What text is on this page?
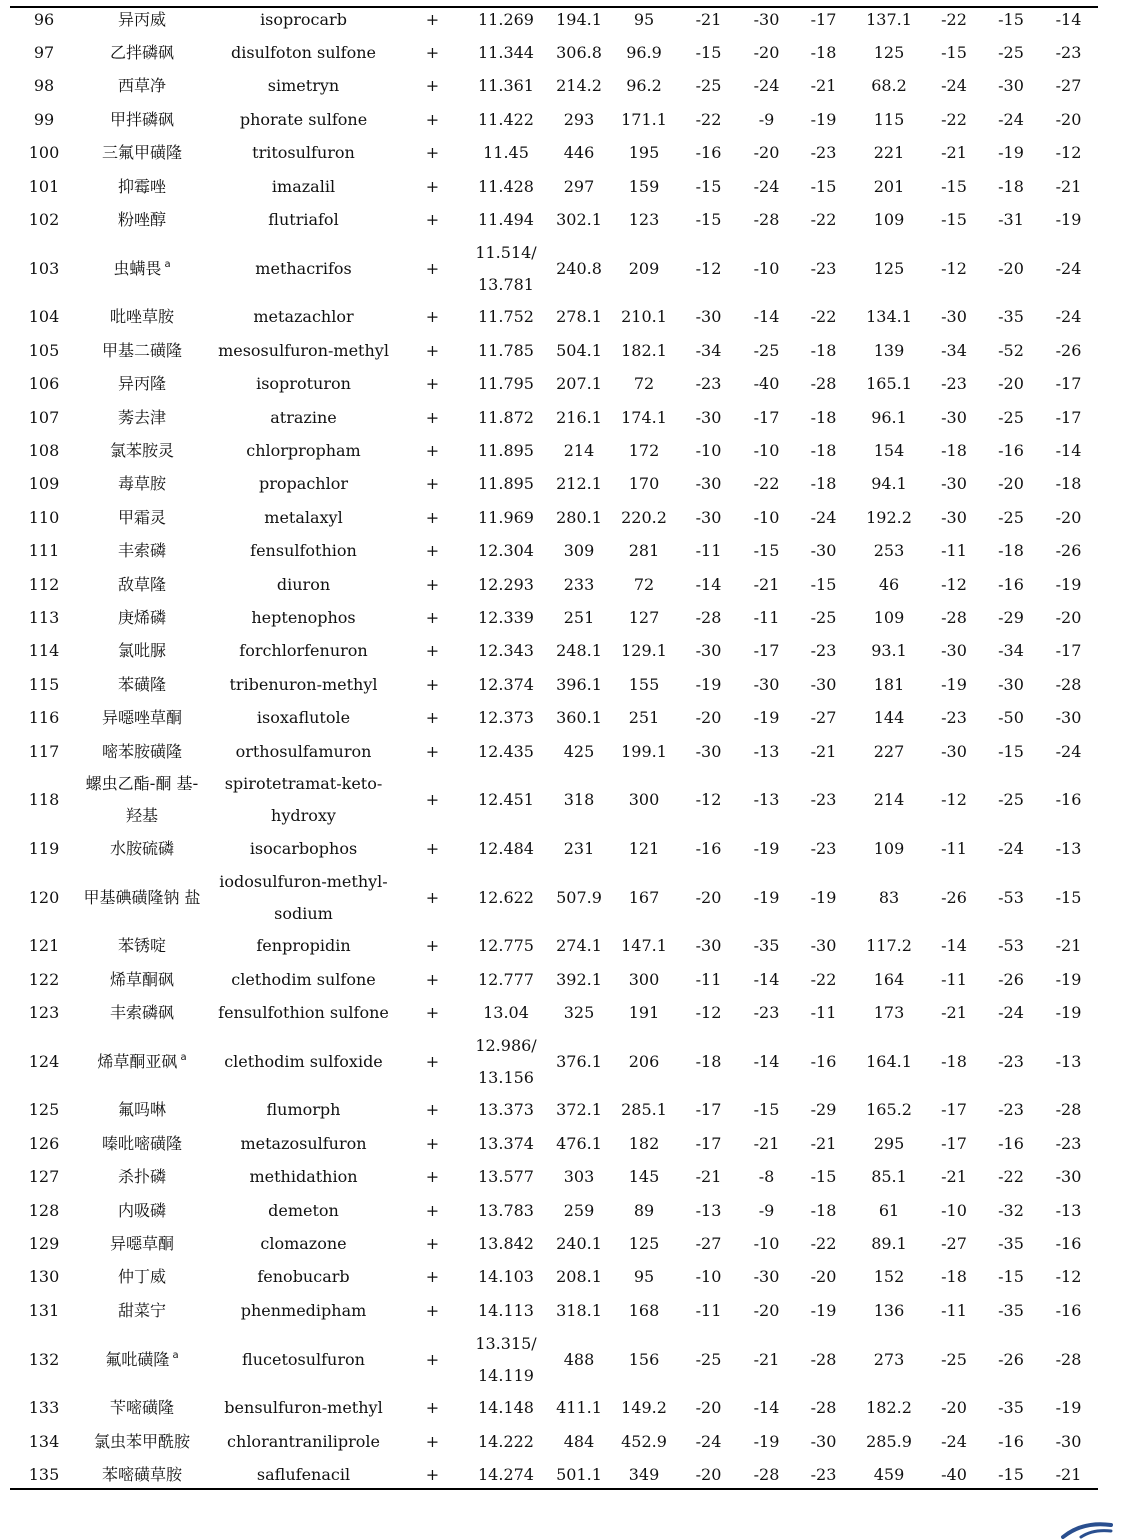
96	异丙威	isoprocarb	+	11.269	194.1	95	-21	-30	-17	137.1	-22	-15	-14
97	乙拌磷砜	disulfoton sulfone	+	11.344	306.8	96.9	-15	-20	-18	125	-15	-25	-23
98	西草净	simetryn	+	11.361	214.2	96.2	-25	-24	-21	68.2	-24	-30	-27
99	甲拌磷砜	phorate sulfone	+	11.422	293	171.1	-22	-9	-19	115	-22	-24	-20
100	三氟甲磺隆	tritosulfuron	+	11.45	446	195	-16	-20	-23	221	-21	-19	-12
101	抑霉唑	imazalil	+	11.428	297	159	-15	-24	-15	201	-15	-18	-21
102	粉唑醇	flutriafol	+	11.494	302.1	123	-15	-28	-22	109	-15	-31	-19
103	虫螨畏 $^a$	methacrifos	+	11.514/ 13.781	240.8	209	-12	-10	-23	125	-12	-20	-24
104	吡唑草胺	metazachlor	+	11.752	278.1	210.1	-30	-14	-22	134.1	-30	-35	-24
105	甲基二磺隆	mesosulfuron-methyl	+	11.785	504.1	182.1	-34	-25	-18	139	-34	-52	-26
106	异丙隆	isoproturon	+	11.795	207.1	72	-23	-40	-28	165.1	-23	-20	-17
107	莠去津	atrazine	+	11.872	216.1	174.1	-30	-17	-18	96.1	-30	-25	-17
108	氯苯胺灵	chlorpropham	+	11.895	214	172	-10	-10	-18	154	-18	-16	-14
109	毒草胺	propachlor	+	11.895	212.1	170	-30	-22	-18	94.1	-30	-20	-18
110	甲霜灵	metalaxyl	+	11.969	280.1	220.2	-30	-10	-24	192.2	-30	-25	-20
111	丰索磷	fensulfothion	+	12.304	309	281	-11	-15	-30	253	-11	-18	-26
112	敌草隆	diuron	+	12.293	233	72	-14	-21	-15	46	-12	-16	-19
113	庚烯磷	heptenophos	+	12.339	251	127	-28	-11	-25	109	-28	-29	-20
114	氯吡脲	forchlorfenuron	+	12.343	248.1	129.1	-30	-17	-23	93.1	-30	-34	-17
115	苯磺隆	tribenuron-methyl	+	12.374	396.1	155	-19	-30	-30	181	-19	-30	-28
116	异噁唑草酮	isoxaflutole	+	12.373	360.1	251	-20	-19	-27	144	-23	-50	-30
117	嘧苯胺磺隆	orthosulfamuron	+	12.435	425	199.1	-30	-13	-21	227	-30	-15	-24
118	螺虫乙酯-酮 基-羟基	spirotetramat-keto- hydroxy	+	12.451	318	300	-12	-13	-23	214	-12	-25	-16
119	水胺硫磷	isocarbophos	+	12.484	231	121	-16	-19	-23	109	-11	-24	-13
120	甲基碘磺隆钠 盐	iodosulfuron-methyl- sodium	+	12.622	507.9	167	-20	-19	-19	83	-26	-53	-15
121	苯锈啶	fenpropidin	+	12.775	274.1	147.1	-30	-35	-30	117.2	-14	-53	-21
122	烯草酮砜	clethodim sulfone	+	12.777	392.1	300	-11	-14	-22	164	-11	-26	-19
123	丰索磷砜	fensulfothion sulfone	+	13.04	325	191	-12	-23	-11	173	-21	-24	-19
124	烯草酮亚砜 $^a$	clethodim sulfoxide	+	12.986/ 13.156	376.1	206	-18	-14	-16	164.1	-18	-23	-13
125	氟吗啉	flumorph	+	13.373	372.1	285.1	-17	-15	-29	165.2	-17	-23	-28
126	嗪吡嘧磺隆	metazosulfuron	+	13.374	476.1	182	-17	-21	-21	295	-17	-16	-23
127	杀扑磷	methidathion	+	13.577	303	145	-21	-8	-15	85.1	-21	-22	-30
128	内吸磷	demeton	+	13.783	259	89	-13	-9	-18	61	-10	-32	-13
129	异噁草酮	clomazone	+	13.842	240.1	125	-27	-10	-22	89.1	-27	-35	-16
130	仲丁威	fenobucarb	+	14.103	208.1	95	-10	-30	-20	152	-18	-15	-12
131	甜菜宁	phenmedipham	+	14.113	318.1	168	-11	-20	-19	136	-11	-35	-16
132	氟吡磺隆 $^a$	flucetosulfuron	+	13.315/ 14.119	488	156	-25	-21	-28	273	-25	-26	-28
133	苄嘧磺隆	bensulfuron-methyl	+	14.148	411.1	149.2	-20	-14	-28	182.2	-20	-35	-19
134	氯虫苯甲酰胺	chlorantraniliprole	+	14.222	484	452.9	-24	-19	-30	285.9	-24	-16	-30
135	苯嘧磺草胺	saflufenacil	+	14.274	501.1	349	-20	-28	-23	459	-40	-15	-21
